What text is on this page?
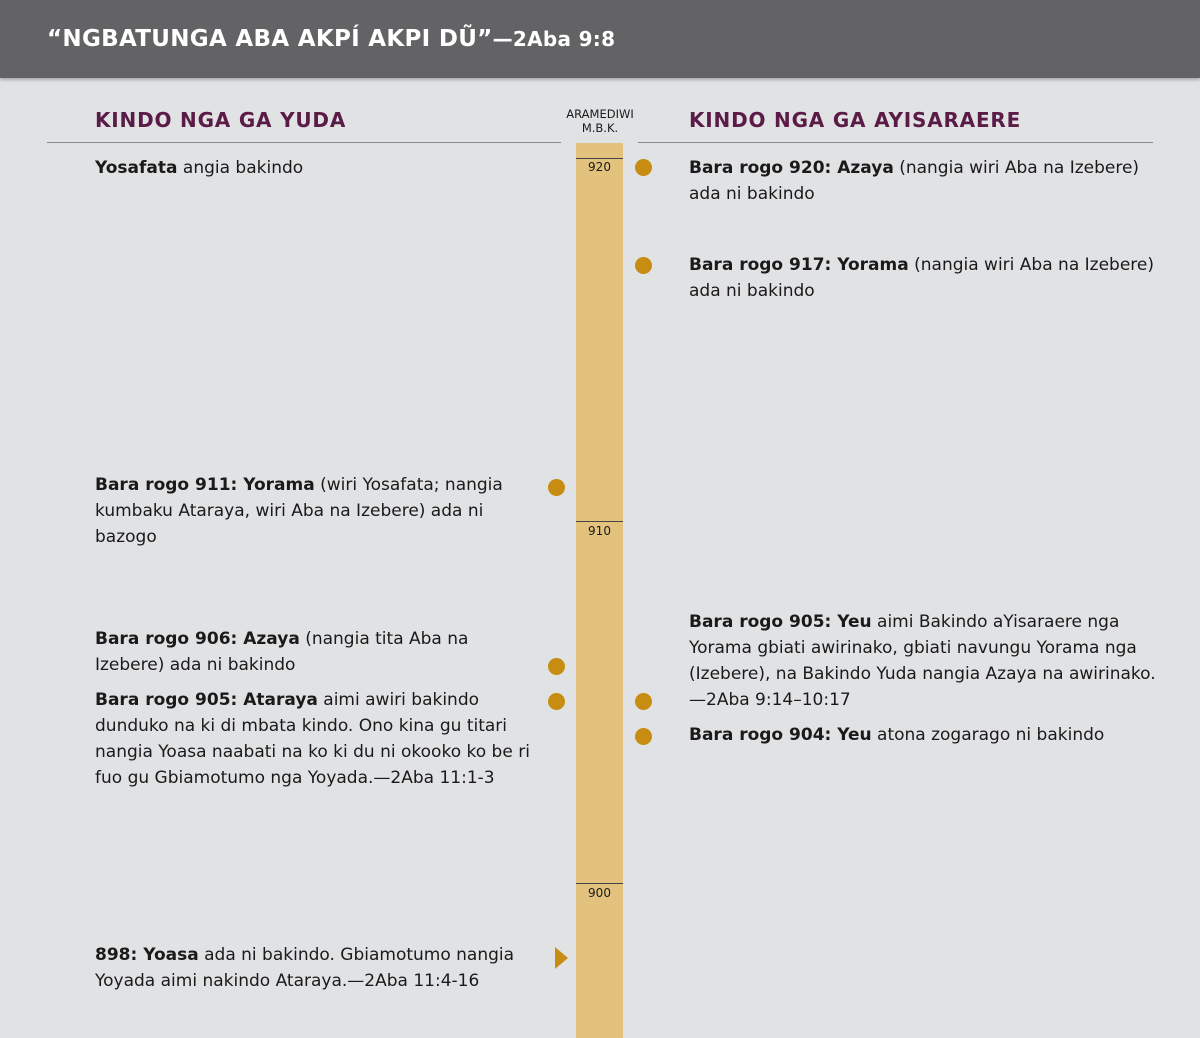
“NGBATUNGA ABA AKPÍ AKPI DŨ”—2Aba 9:8
KINDO NGA GA YUDA	KINDO NGA GA AYISARAERE
ARAMEDIWI
M.B.K.
920
910
900
Yosafata angia bakindo
Bara rogo 911: Yorama (wiri Yosafata; nangia kumbaku Ataraya, wiri Aba na Izebere) ada ni bazogo
Bara rogo 906: Azaya (nangia tita Aba na Izebere) ada ni bakindo
Bara rogo 905: Ataraya aimi awiri bakindo dunduko na ki di mbata kindo. Ono kina gu titari nangia Yoasa naabati na ko ki du ni okooko ko be ri fuo gu Gbiamotumo nga Yoyada.—2Aba 11:1-3
898: Yoasa ada ni bakindo. Gbiamotumo nangia Yoyada aimi nakindo Ataraya.—2Aba 11:4-16
Bara rogo 920: Azaya (nangia wiri Aba na Izebere) ada ni bakindo
Bara rogo 917: Yorama (nangia wiri Aba na Izebere) ada ni bakindo
Bara rogo 905: Yeu aimi Bakindo aYisaraere nga Yorama gbiati awirinako, gbiati navungu Yorama nga (Izebere), na Bakindo Yuda nangia Azaya na awirinako.—2Aba 9:14–10:17
Bara rogo 904: Yeu atona zogarago ni bakindo
